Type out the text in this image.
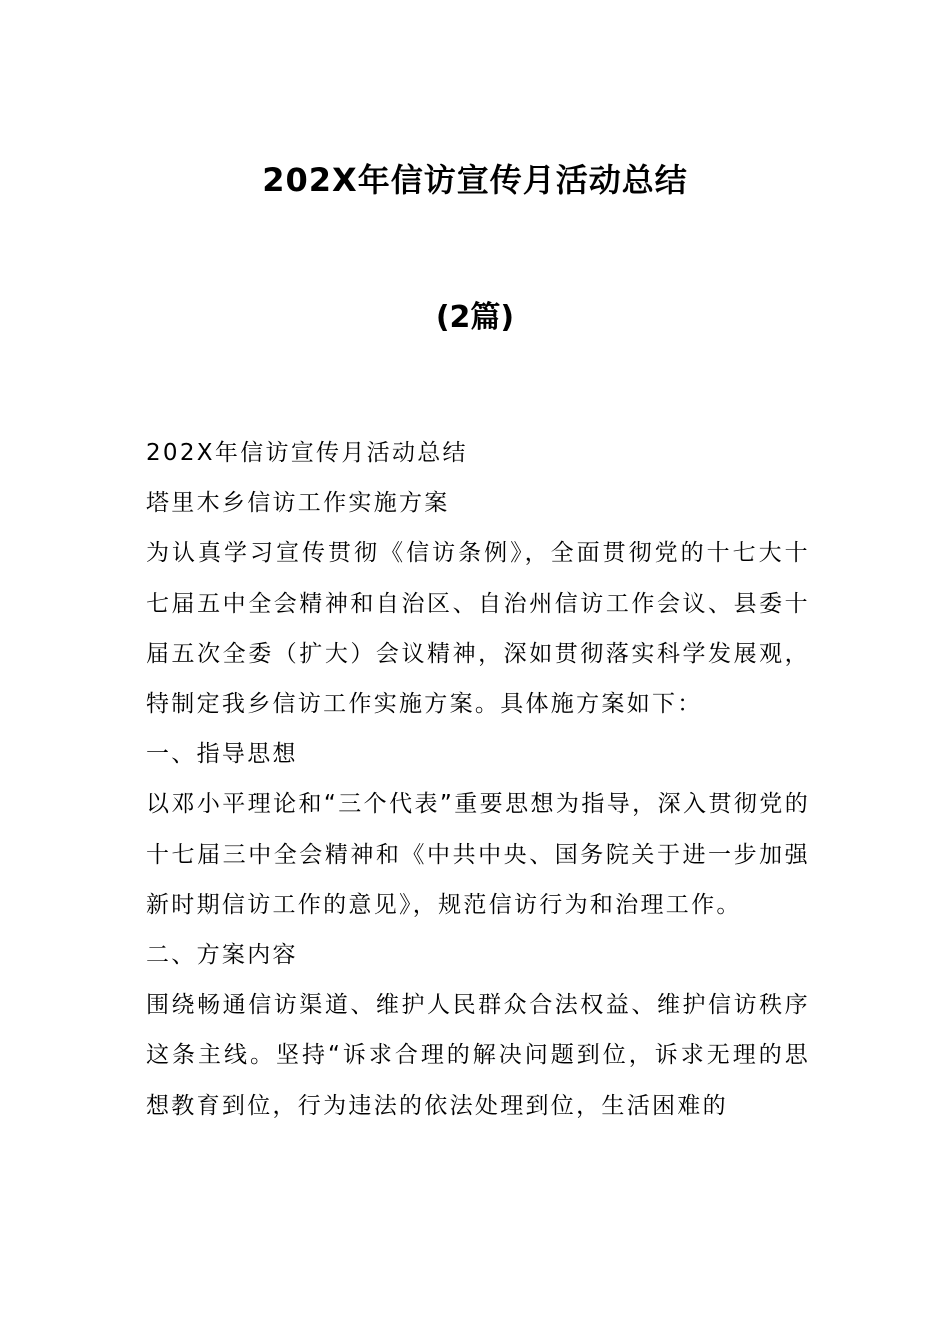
202X年信访宣传月活动总结
(2篇)

202X年信访宣传月活动总结

塔里木乡信访工作实施方案

为认真学习宣传贯彻《信访条例》，全面贯彻党的十七大十七届五中全会精神和自治区、自治州信访工作会议、县委十届五次全委（扩大）会议精神，深如贯彻落实科学发展观，特制定我乡信访工作实施方案。具体施方案如下：

一、指导思想

以邓小平理论和“三个代表”重要思想为指导，深入贯彻党的十七届三中全会精神和《中共中央、国务院关于进一步加强新时期信访工作的意见》，规范信访行为和治理工作。

二、方案内容

围绕畅通信访渠道、维护人民群众合法权益、维护信访秩序这条主线。坚持“诉求合理的解决问题到位，诉求无理的思想教育到位，行为违法的依法处理到位，生活困难的
